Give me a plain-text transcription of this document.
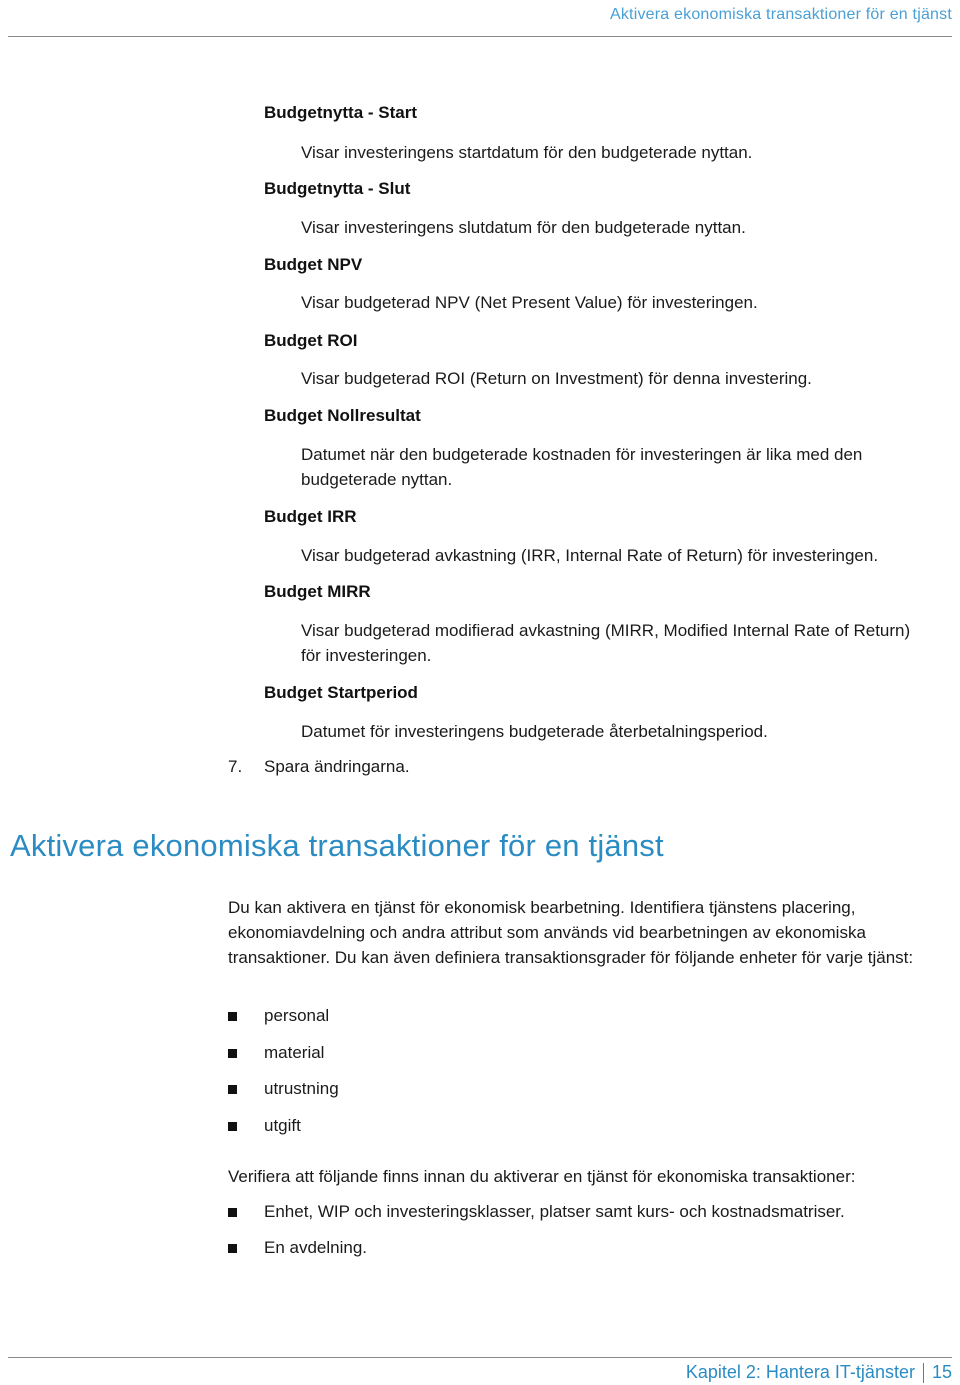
Aktivera ekonomiska transaktioner för en tjänst
Budgetnytta - Start
Visar investeringens startdatum för den budgeterade nyttan.
Budgetnytta - Slut
Visar investeringens slutdatum för den budgeterade nyttan.
Budget NPV
Visar budgeterad NPV (Net Present Value) för investeringen.
Budget ROI
Visar budgeterad ROI (Return on Investment) för denna investering.
Budget Nollresultat
Datumet när den budgeterade kostnaden för investeringen är lika med den budgeterade nyttan.
Budget IRR
Visar budgeterad avkastning (IRR, Internal Rate of Return) för investeringen.
Budget MIRR
Visar budgeterad modifierad avkastning (MIRR, Modified Internal Rate of Return) för investeringen.
Budget Startperiod
Datumet för investeringens budgeterade återbetalningsperiod.
7. Spara ändringarna.
Aktivera ekonomiska transaktioner för en tjänst

Du kan aktivera en tjänst för ekonomisk bearbetning. Identifiera tjänstens placering, ekonomiavdelning och andra attribut som används vid bearbetningen av ekonomiska transaktioner. Du kan även definiera transaktionsgrader för följande enheter för varje tjänst:

personal
material
utrustning
utgift

Verifiera att följande finns innan du aktiverar en tjänst för ekonomiska transaktioner:

Enhet, WIP och investeringsklasser, platser samt kurs- och kostnadsmatriser.
En avdelning.
Kapitel 2: Hantera IT-tjänster 15
